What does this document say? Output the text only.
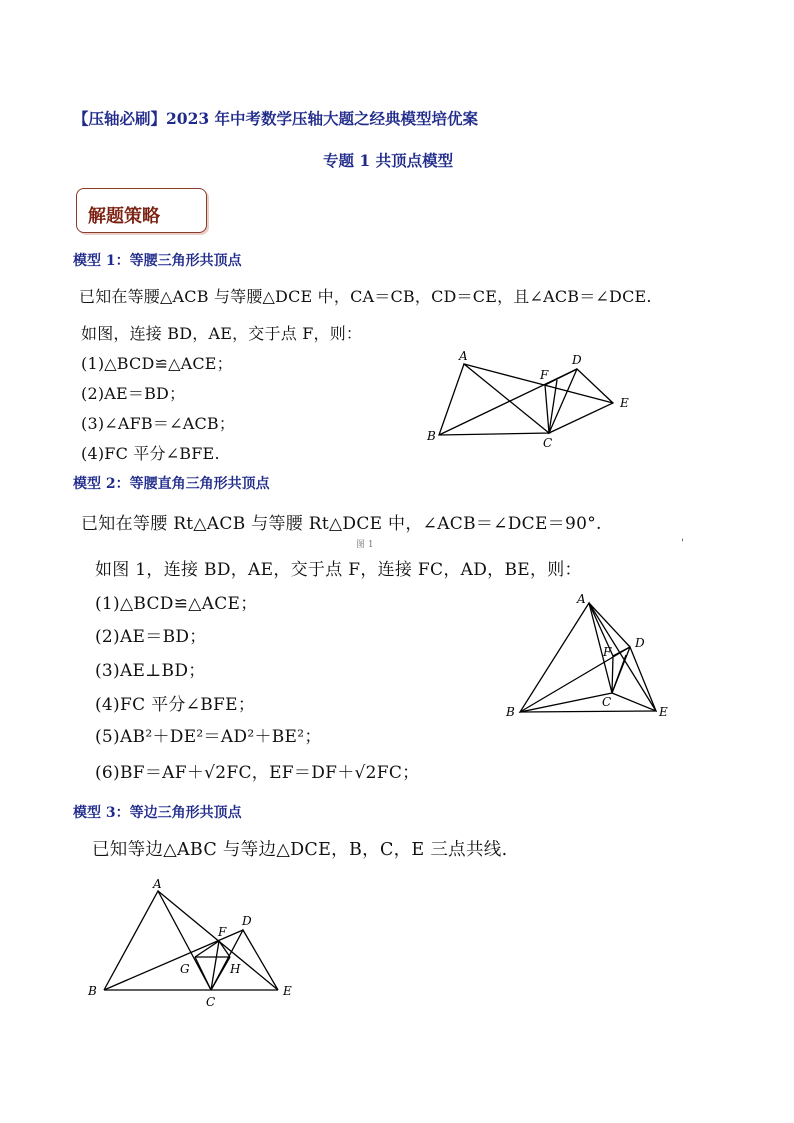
【压轴必刷】2023 年中考数学压轴大题之经典模型培优案
专题 1 共顶点模型
解题策略
模型 1：等腰三角形共顶点
已知在等腰△ACB 与等腰△DCE 中，CA＝CB，CD＝CE，且∠ACB＝∠DCE.
如图，连接 BD，AE，交于点 F，则：
(1)△BCD≌△ACE；
(2)AE＝BD；
(3)∠AFB＝∠ACB；
(4)FC 平分∠BFE.
A
B	C
D
E
F
模型 2：等腰直角三角形共顶点
已知在等腰 Rt△ACB 与等腰 Rt△DCE 中，∠ACB＝∠DCE＝90°.
图 1	'
如图 1，连接 BD，AE，交于点 F，连接 FC，AD，BE，则：
(1)△BCD≌△ACE；
(2)AE＝BD；
(3)AE⊥BD；
(4)FC 平分∠BFE；
(5)AB²＋DE²＝AD²＋BE²；
(6)BF＝AF＋√2FC，EF＝DF＋√2FC；
A
B
C
D
E
F
模型 3：等边三角形共顶点
已知等边△ABC 与等边△DCE，B，C，E 三点共线.
A
B
C
D
E
F
G	H
